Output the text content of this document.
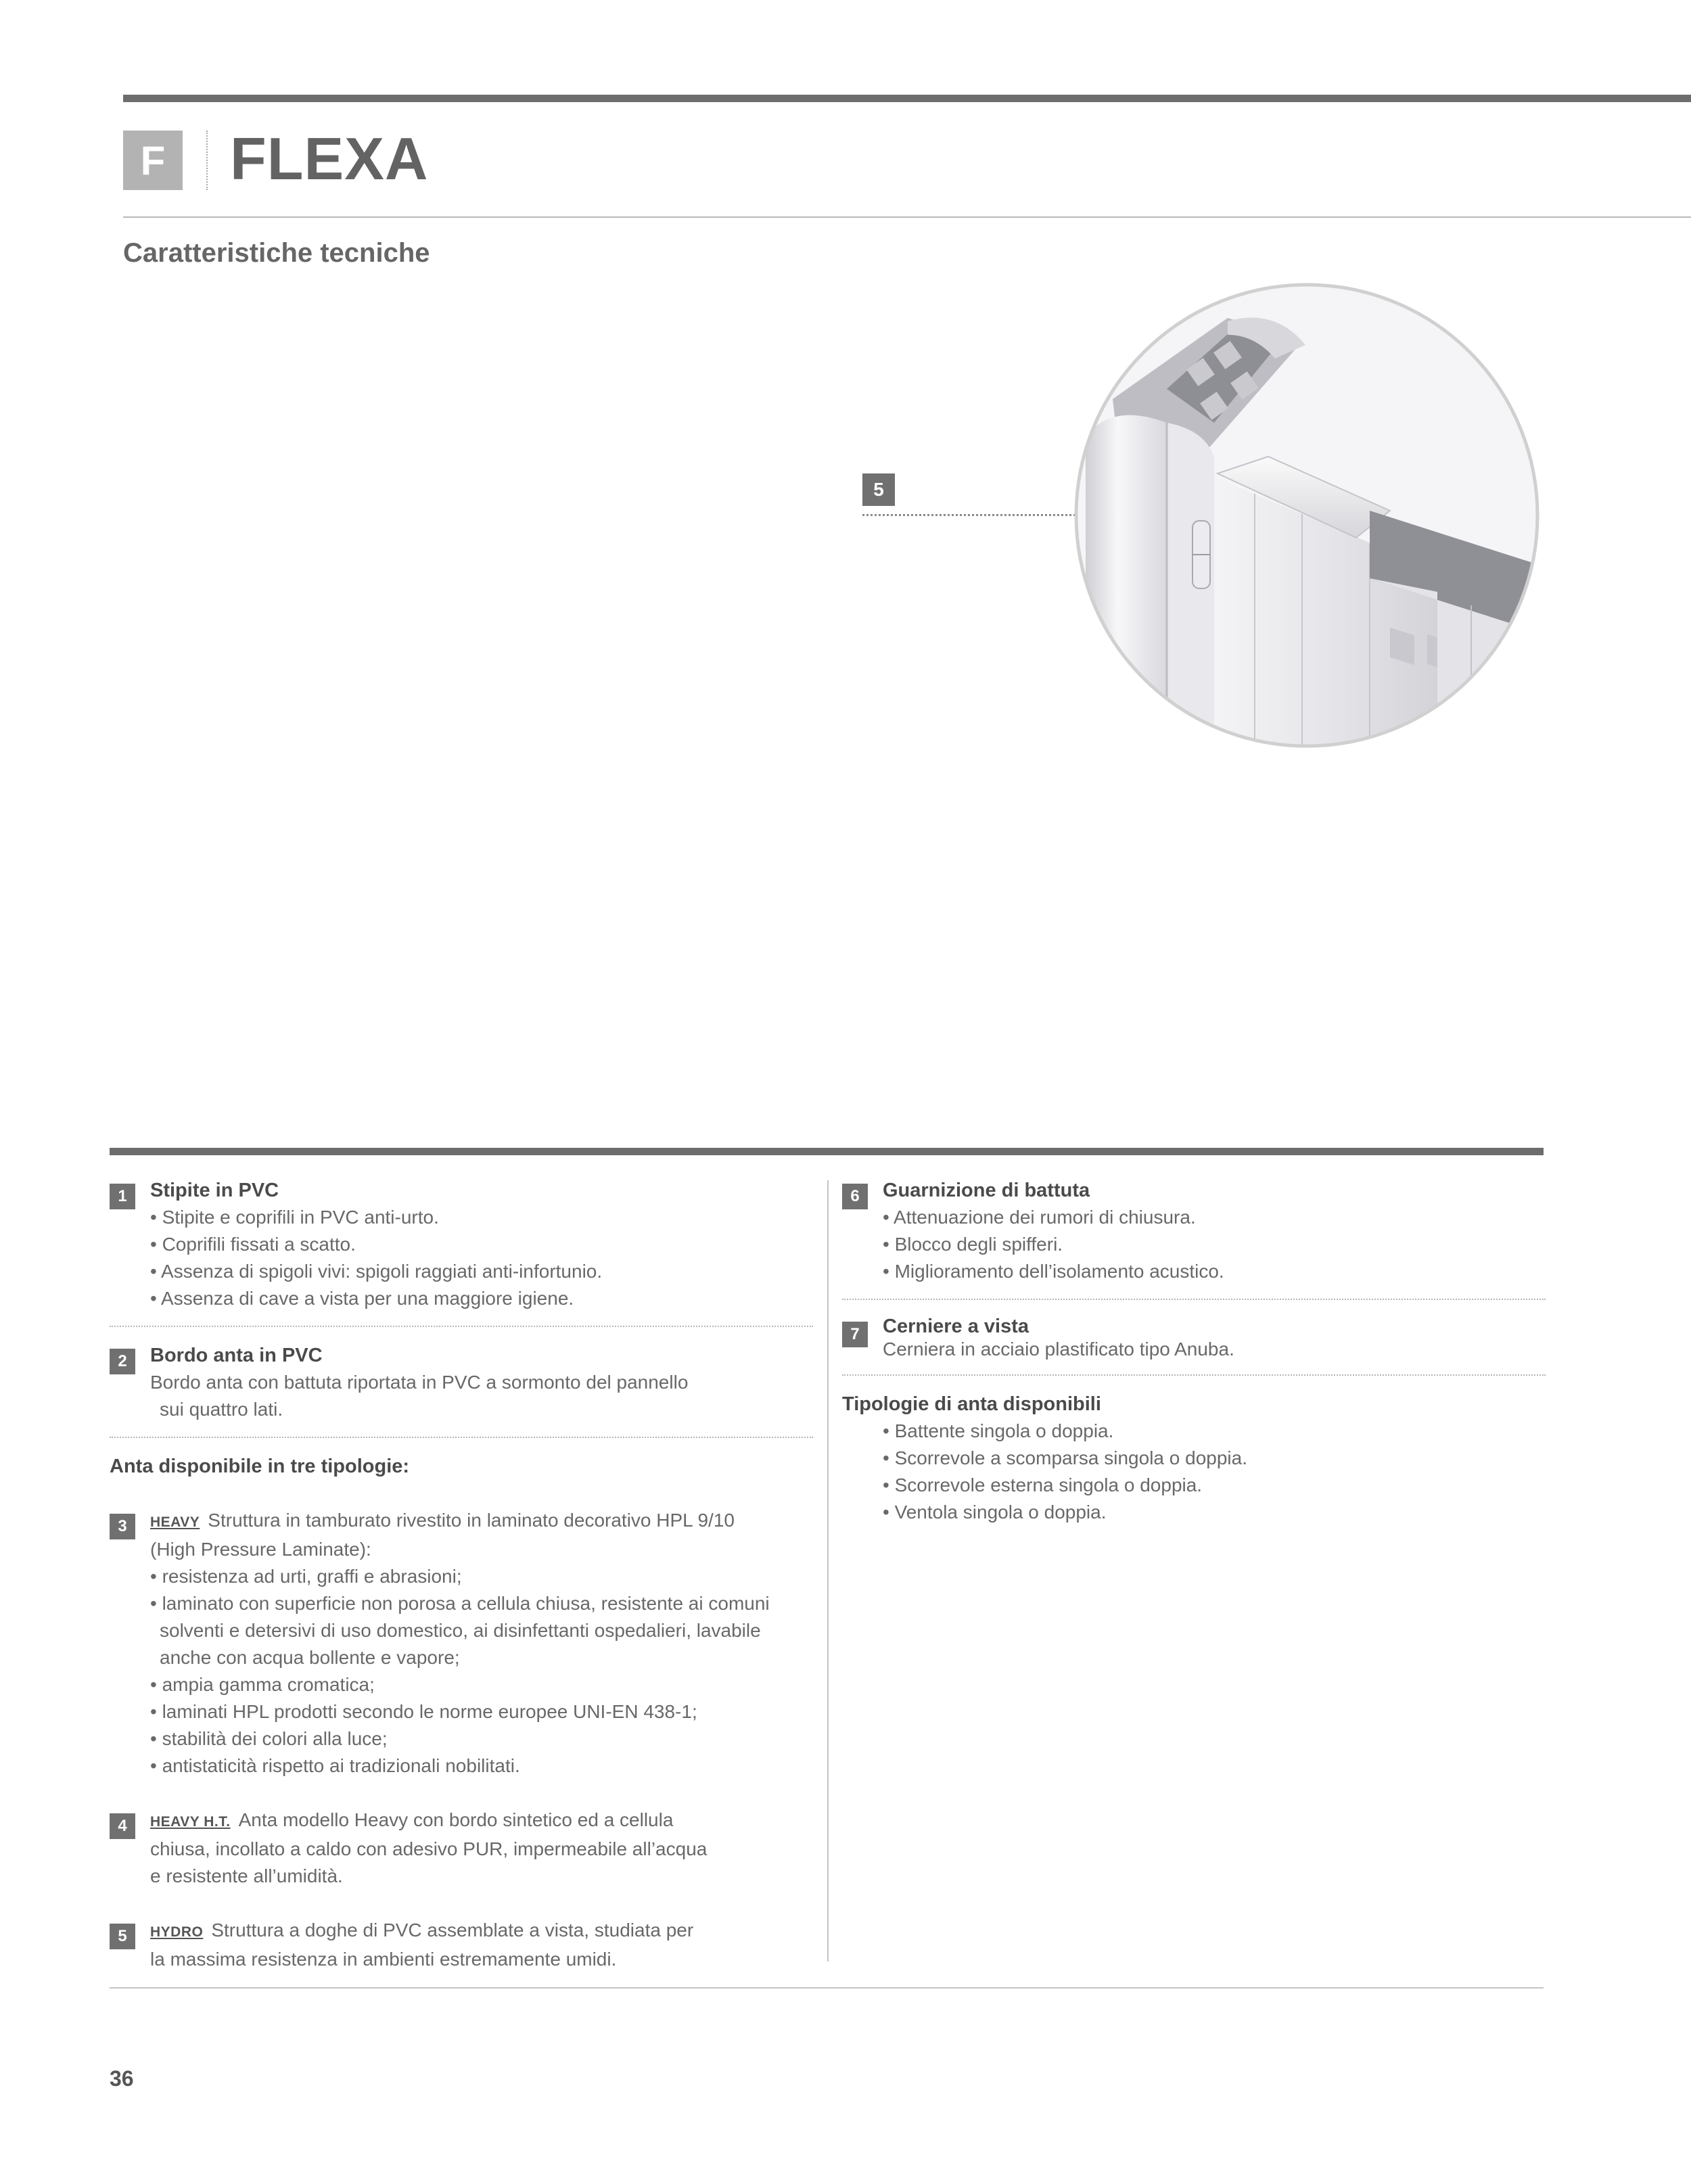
F FLEXA
Caratteristiche tecniche
5
1	Stipite in PVC
• Stipite e coprifili in PVC anti-urto.
• Coprifili fissati a scatto.
• Assenza di spigoli vivi: spigoli raggiati anti-infortunio.
• Assenza di cave a vista per una maggiore igiene.
2	Bordo anta in PVC
Bordo anta con battuta riportata in PVC a sormonto del pannello
sui quattro lati.
Anta disponibile in tre tipologie:
3	HEAVY Struttura in tamburato rivestito in laminato decorativo HPL 9/10
(High Pressure Laminate):
• resistenza ad urti, graffi e abrasioni;
• laminato con superficie non porosa a cellula chiusa, resistente ai comuni
solventi e detersivi di uso domestico, ai disinfettanti ospedalieri, lavabile
anche con acqua bollente e vapore;
• ampia gamma cromatica;
• laminati HPL prodotti secondo le norme europee UNI-EN 438-1;
• stabilità dei colori alla luce;
• antistaticità rispetto ai tradizionali nobilitati.
4	HEAVY H.T. Anta modello Heavy con bordo sintetico ed a cellula
chiusa, incollato a caldo con adesivo PUR, impermeabile all’acqua
e resistente all’umidità.
5	HYDRO Struttura a doghe di PVC assemblate a vista, studiata per
la massima resistenza in ambienti estremamente umidi.
6	Guarnizione di battuta
• Attenuazione dei rumori di chiusura.
• Blocco degli spifferi.
• Miglioramento dell’isolamento acustico.
7	Cerniere a vista
Cerniera in acciaio plastificato tipo Anuba.
Tipologie di anta disponibili
• Battente singola o doppia.
• Scorrevole a scomparsa singola o doppia.
• Scorrevole esterna singola o doppia.
• Ventola singola o doppia.
36
